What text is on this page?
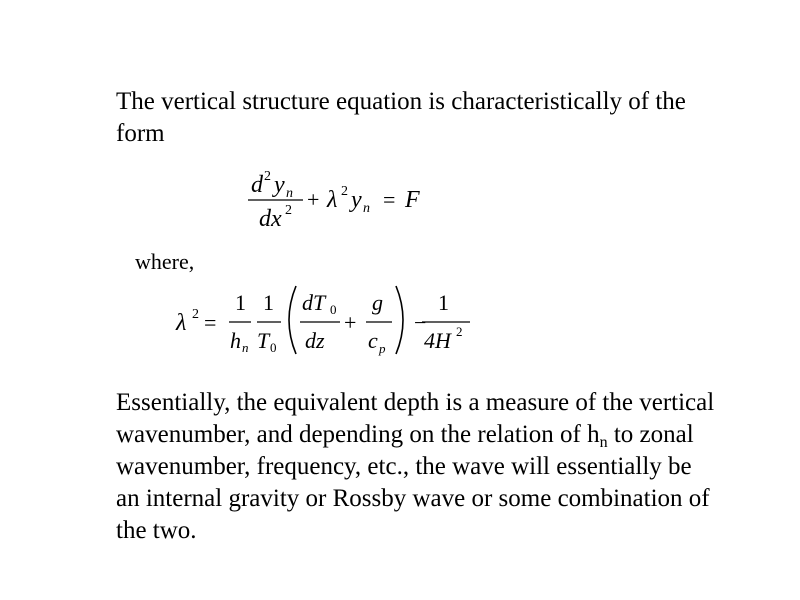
The vertical structure equation is characteristically of the form
d 2 y n
dx 2 + λ 2 y n = F
where,
λ 2 =
1
h n
1
T 0
dT 0
dz
+
g
c p
−
1
4H 2
Essentially, the equivalent depth is a measure of the vertical wavenumber, and depending on the relation of $h_n$ to zonal wavenumber, frequency, etc., the wave will essentially be an internal gravity or Rossby wave or some combination of the two.
